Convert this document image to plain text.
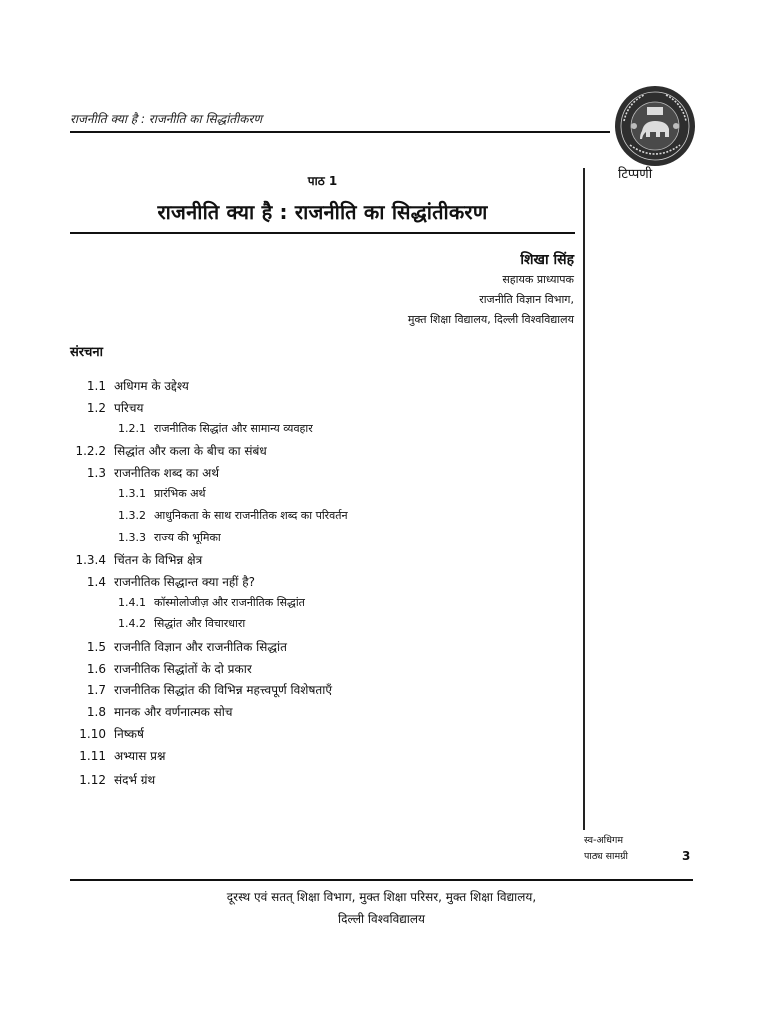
राजनीति क्या है : राजनीति का सिद्धांतीकरण
टिप्पणी
पाठ 1
राजनीति क्या है : राजनीति का सिद्धांतीकरण
शिखा सिंह
सहायक प्राध्यापक
राजनीति विज्ञान विभाग,
मुक्त शिक्षा विद्यालय, दिल्ली विश्वविद्यालय
संरचना
1.1 अधिगम के उद्देश्य
1.2 परिचय
1.2.1 राजनीतिक सिद्धांत और सामान्य व्यवहार
1.2.2 सिद्धांत और कला के बीच का संबंध
1.3 राजनीतिक शब्द का अर्थ
1.3.1 प्रारंभिक अर्थ
1.3.2 आधुनिकता के साथ राजनीतिक शब्द का परिवर्तन
1.3.3 राज्य की भूमिका
1.3.4 चिंतन के विभिन्न क्षेत्र
1.4 राजनीतिक सिद्धान्त क्या नहीं है?
1.4.1 कॉस्मोलोजीज़ और राजनीतिक सिद्धांत
1.4.2 सिद्धांत और विचारधारा
1.5 राजनीति विज्ञान और राजनीतिक सिद्धांत
1.6 राजनीतिक सिद्धांतों के दो प्रकार
1.7 राजनीतिक सिद्धांत की विभिन्न महत्त्वपूर्ण विशेषताएँ
1.8 मानक और वर्णनात्मक सोच
1.10 निष्कर्ष
1.11 अभ्यास प्रश्न
1.12 संदर्भ ग्रंथ
स्व-अधिगम
पाठ्य सामग्री	3
दूरस्थ एवं सतत् शिक्षा विभाग, मुक्त शिक्षा परिसर, मुक्त शिक्षा विद्यालय,
दिल्ली विश्वविद्यालय
